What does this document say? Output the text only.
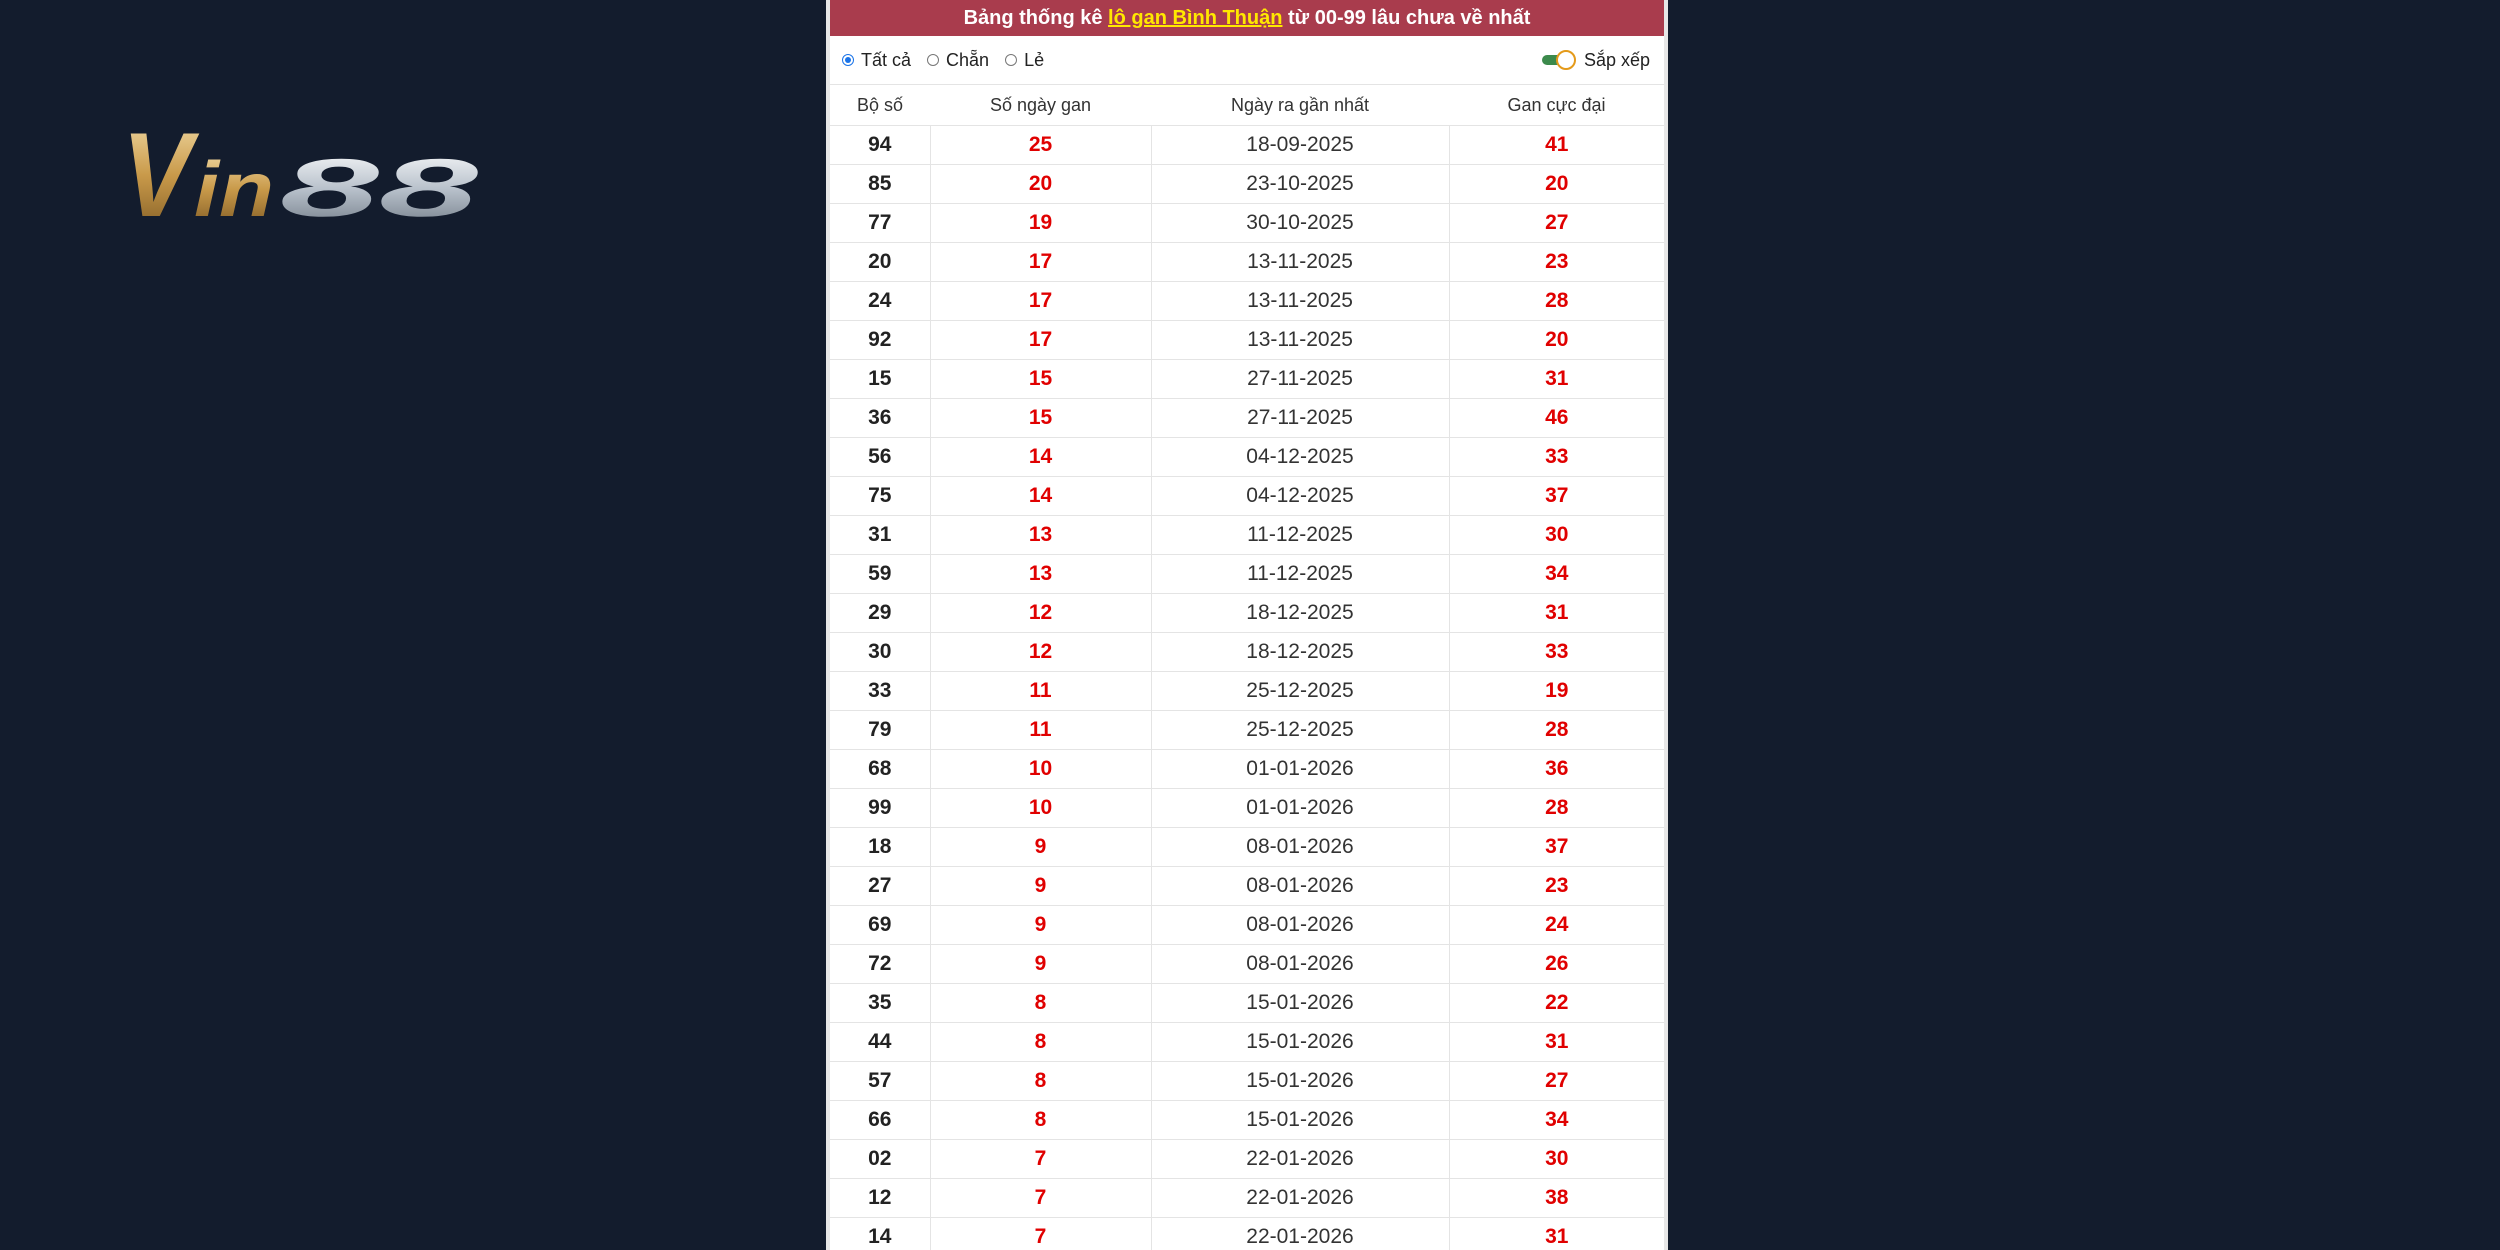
V
in 88
Bảng thống kê lô gan Bình Thuận từ 00-99 lâu chưa về nhất
Tất cả Chẵn Lẻ	Sắp xếp
Bộ số	Số ngày gan	Ngày ra gần nhất	Gan cực đại
94	25	18-09-2025	41
85	20	23-10-2025	20
77	19	30-10-2025	27
20	17	13-11-2025	23
24	17	13-11-2025	28
92	17	13-11-2025	20
15	15	27-11-2025	31
36	15	27-11-2025	46
56	14	04-12-2025	33
75	14	04-12-2025	37
31	13	11-12-2025	30
59	13	11-12-2025	34
29	12	18-12-2025	31
30	12	18-12-2025	33
33	11	25-12-2025	19
79	11	25-12-2025	28
68	10	01-01-2026	36
99	10	01-01-2026	28
18	9	08-01-2026	37
27	9	08-01-2026	23
69	9	08-01-2026	24
72	9	08-01-2026	26
35	8	15-01-2026	22
44	8	15-01-2026	31
57	8	15-01-2026	27
66	8	15-01-2026	34
02	7	22-01-2026	30
12	7	22-01-2026	38
14	7	22-01-2026	31
